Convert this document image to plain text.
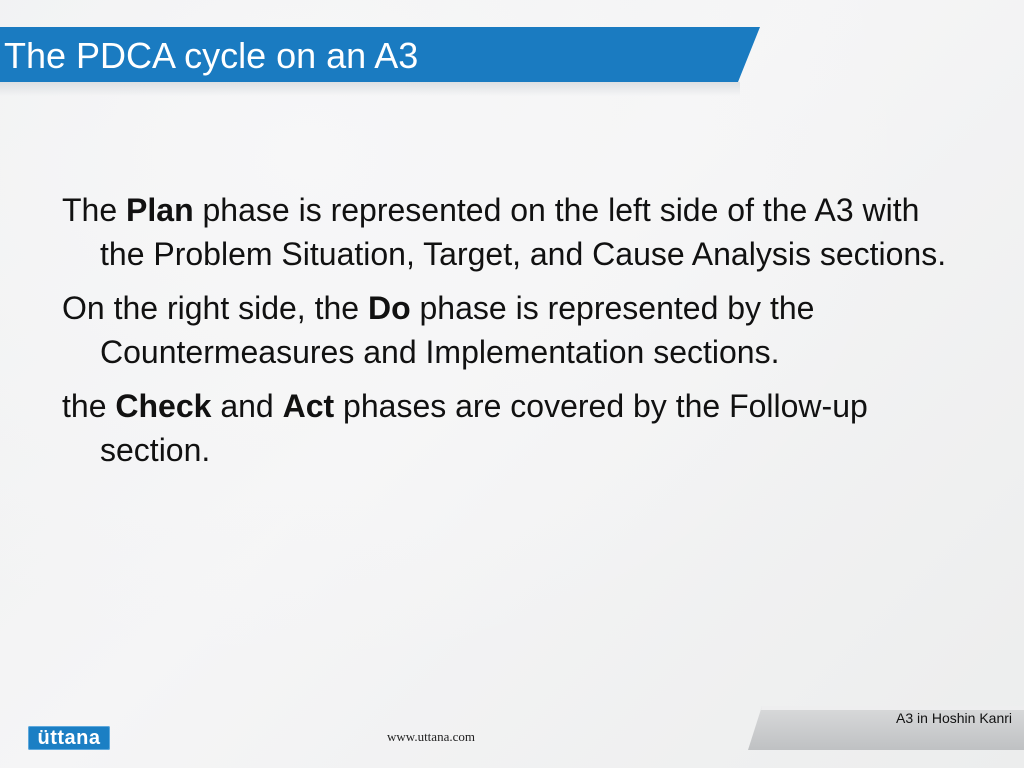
The PDCA cycle on an A3

The Plan phase is represented on the left side of the A3 with the Problem Situation, Target, and Cause Analysis sections.

On the right side, the Do phase is represented by the Countermeasures and Implementation sections.

the Check and Act phases are covered by the Follow-up section.

üttana	www.uttana.com
A3 in Hoshin Kanri
